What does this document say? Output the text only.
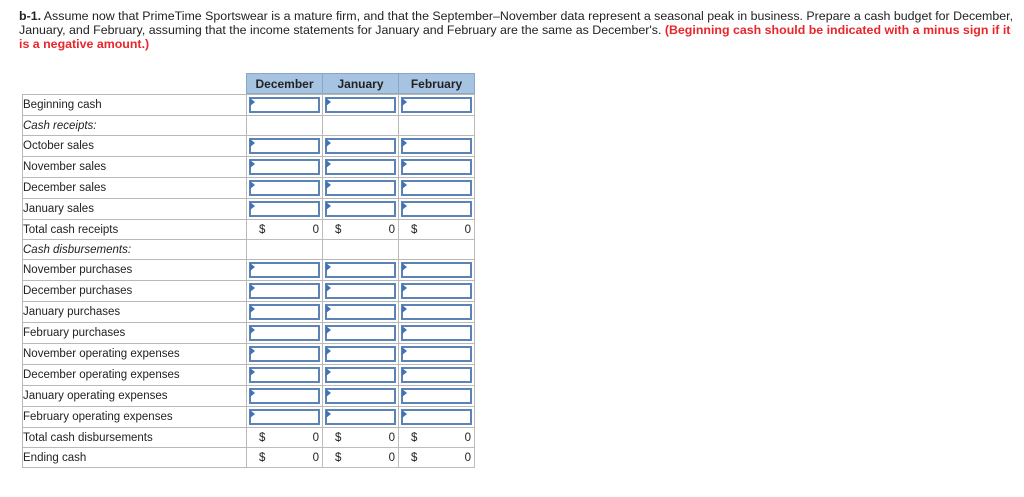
b-1. Assume now that PrimeTime Sportswear is a mature firm, and that the September–November data represent a seasonal peak in business. Prepare a cash budget for December, January, and February, assuming that the income statements for January and February are the same as December's. (Beginning cash should be indicated with a minus sign if it is a negative amount.)

	December	January	February

Beginning cash	

Cash receipts:			
October sales	

November sales	

December sales	

January sales	

Total cash receipts	$ 0	$ 0	$ 0

Cash disbursements:			
November purchases	

December purchases	

January purchases	

February purchases	

November operating expenses	

December operating expenses	

January operating expenses	

February operating expenses	

Total cash disbursements	$ 0	$ 0	$ 0

Ending cash	$ 0	$ 0	$ 0
